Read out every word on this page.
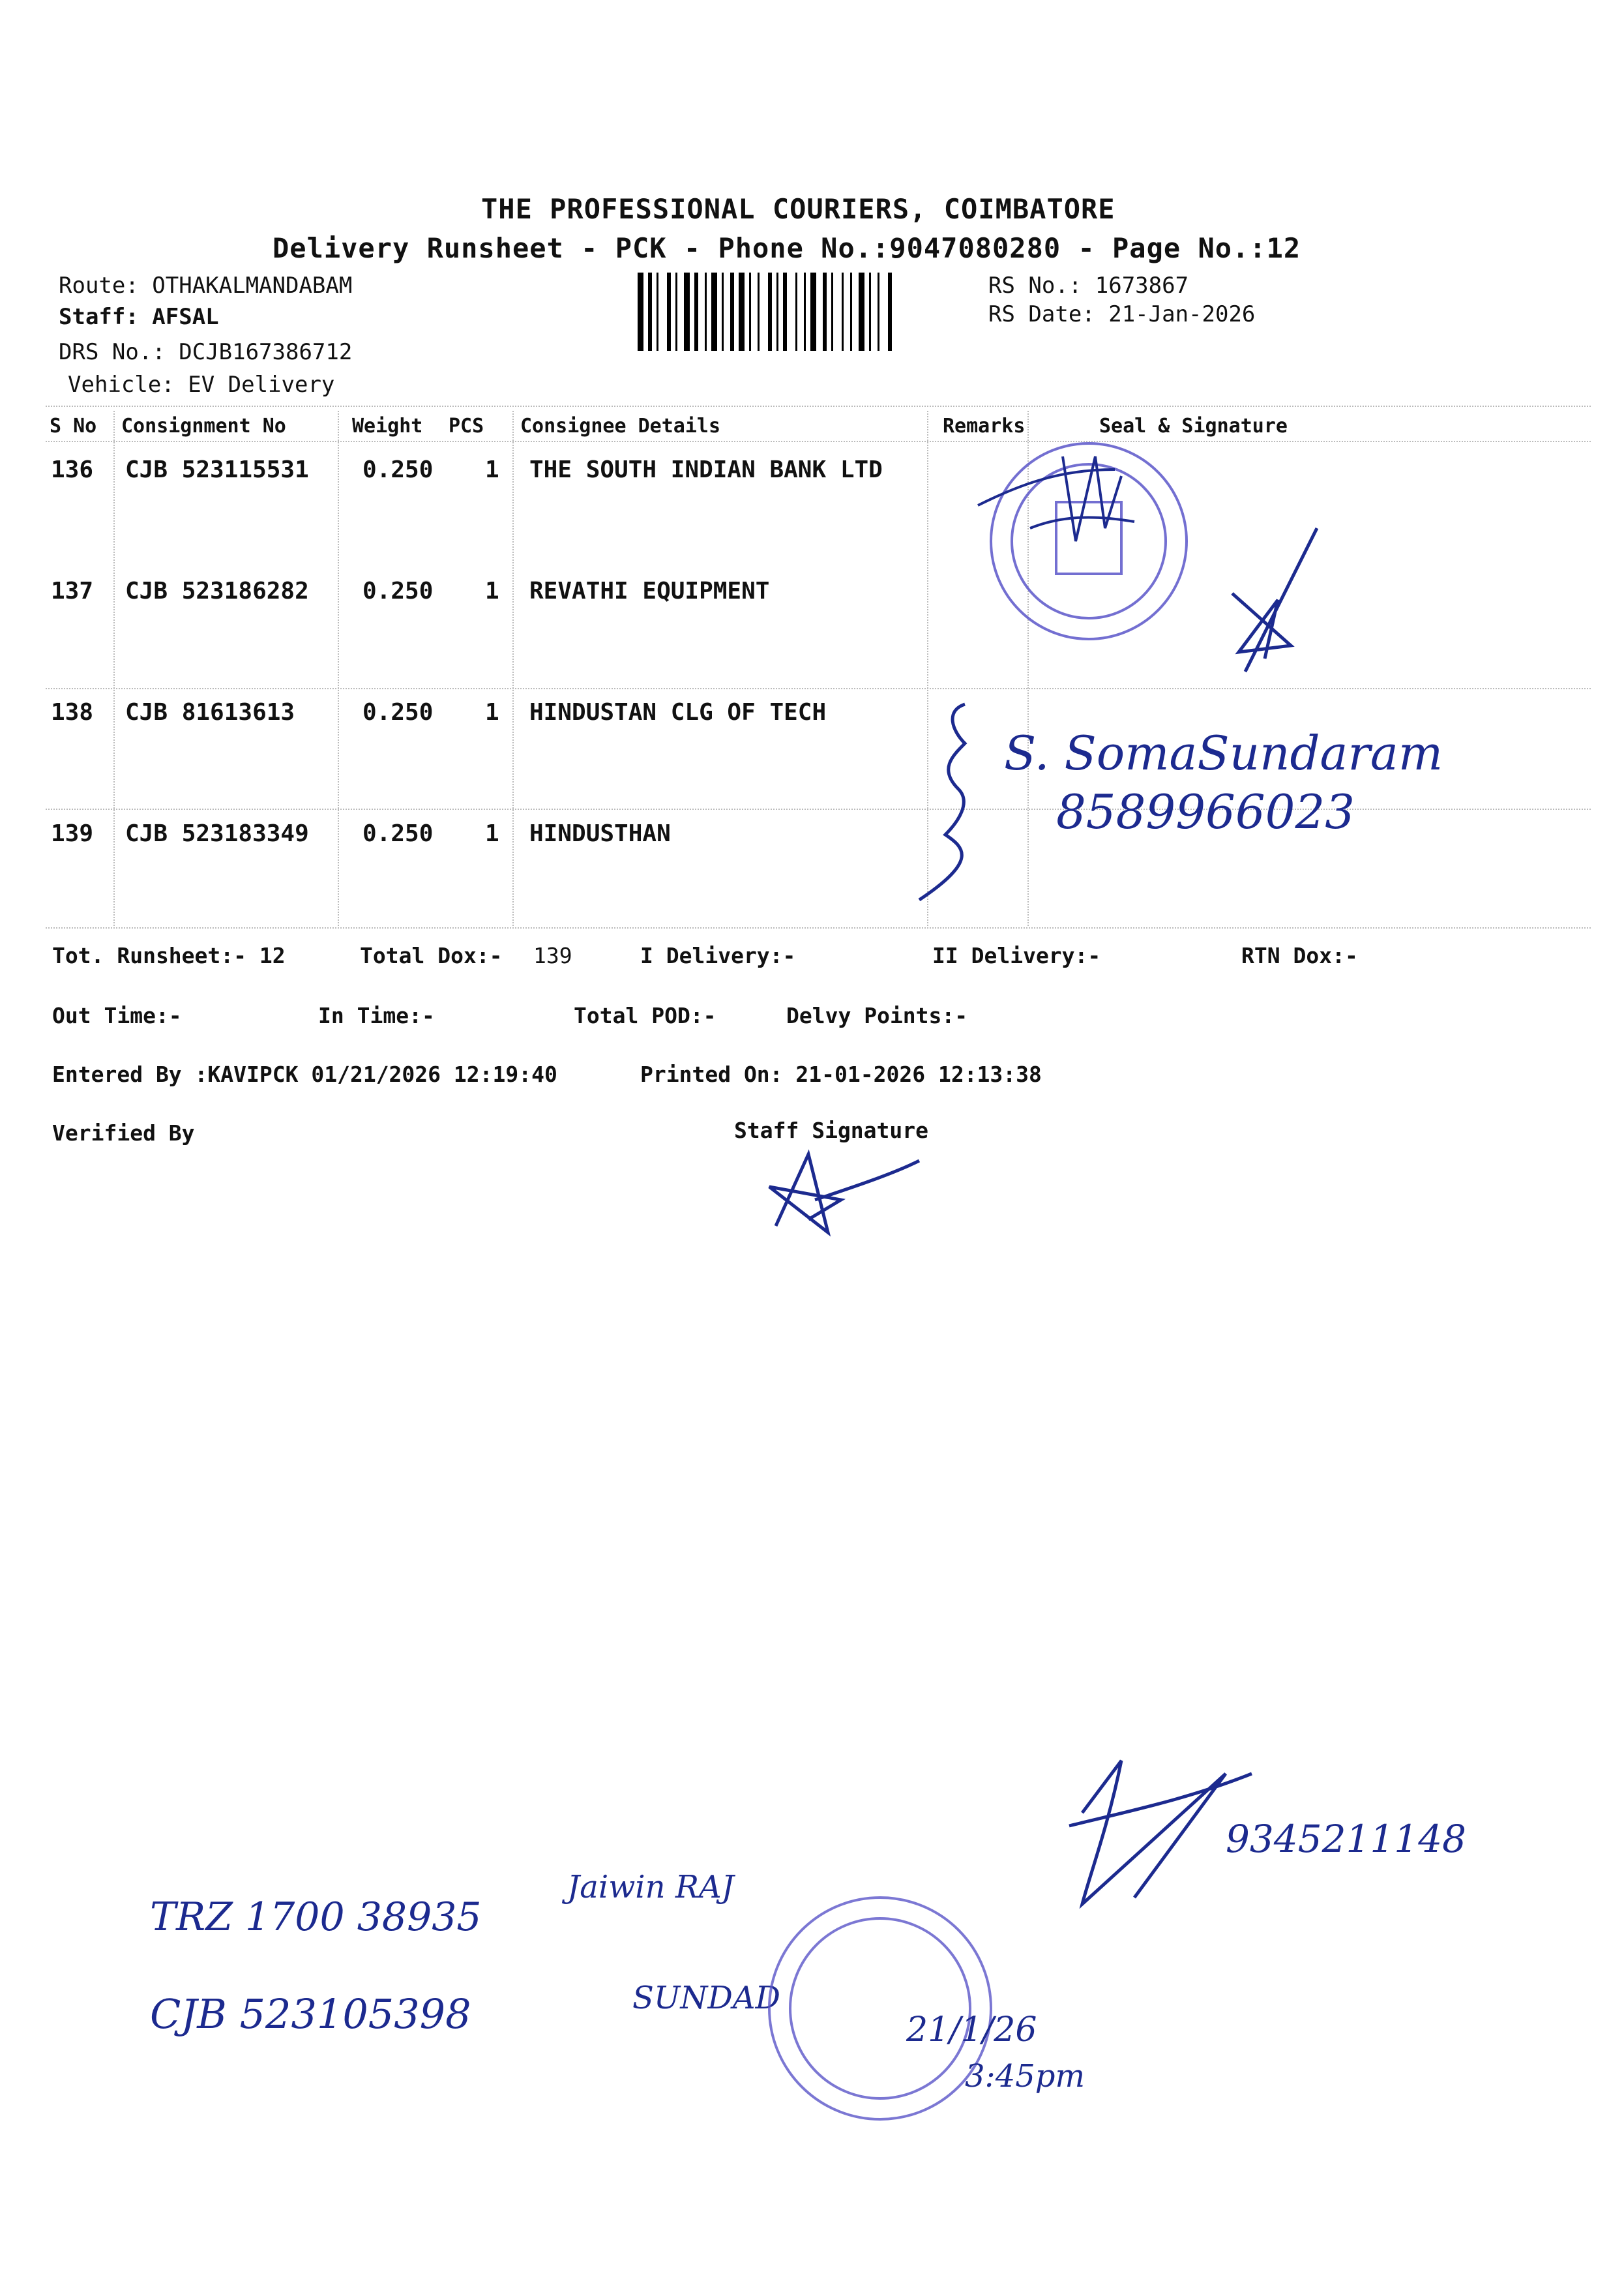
THE PROFESSIONAL COURIERS, COIMBATORE
Delivery Runsheet - PCK - Phone No.:9047080280 - Page No.:12
Route: OTHAKALMANDABAM
Staff: AFSAL
DRS No.: DCJB167386712
Vehicle: EV Delivery
RS No.: 1673867
RS Date: 21-Jan-2026
S No Consignment No	Weight PCS Consignee Details	Remarks	Seal & Signature
136 CJB 523115531 0.250 1 THE SOUTH INDIAN BANK LTD
137 CJB 523186282 0.250 1 REVATHI EQUIPMENT
138 CJB 81613613	0.250 1 HINDUSTAN CLG OF TECH
139 CJB 523183349 0.250 1 HINDUSTHAN
Tot. Runsheet:- 12	Total Dox:- 139	I Delivery:-	II Delivery:-	RTN Dox:-
Out Time:-	In Time:-	Total POD:-	Delvy Points:-
Entered By :KAVIPCK 01/21/2026 12:19:40	Printed On: 21-01-2026 12:13:38
Verified By	Staff Signature
S. SomaSundaram
8589966023
9345211148
TRZ 1700 38935
Jaiwin RAJ
CJB 523105398	SUNDAD
21/1/26
3:45pm
